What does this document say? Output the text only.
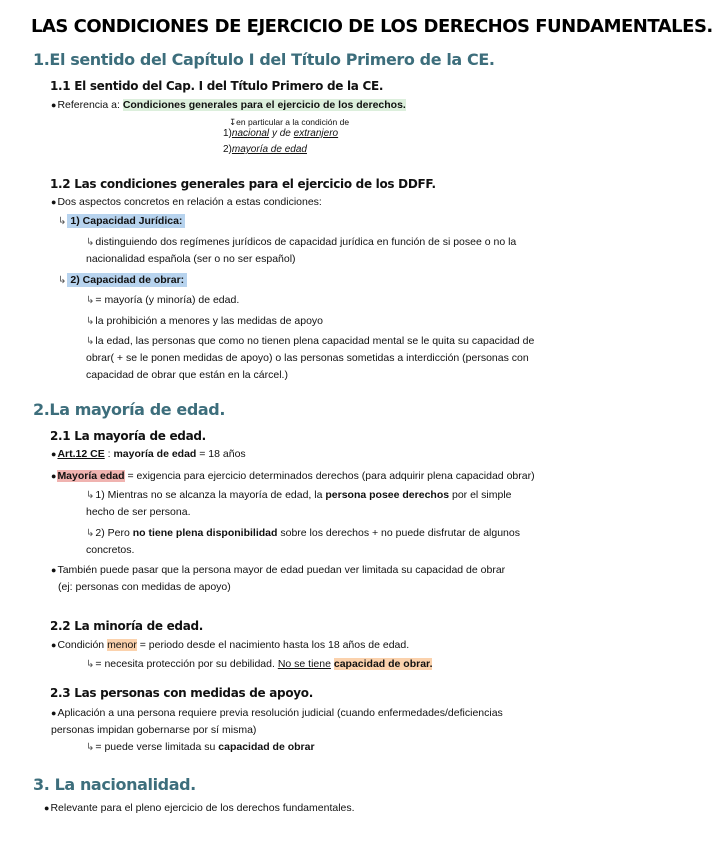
LAS CONDICIONES DE EJERCICIO DE LOS DERECHOS FUNDAMENTALES.
1.El sentido del Capítulo I del Título Primero de la CE.
1.1 El sentido del Cap. I del Título Primero de la CE.
●Referencia a: Condiciones generales para el ejercicio de los derechos.
↧en particular a la condición de
1)nacional y de extranjero
2)mayoría de edad
1.2 Las condiciones generales para el ejercicio de los DDFF.
●Dos aspectos concretos en relación a estas condiciones:
↳ 1) Capacidad Jurídica:
↳distinguiendo dos regímenes jurídicos de capacidad jurídica en función de si posee o no la nacionalidad española (ser o no ser español)
↳ 2) Capacidad de obrar:
↳= mayoría (y minoría) de edad.
↳la prohibición a menores y las medidas de apoyo
↳la edad, las personas que como no tienen plena capacidad mental se le quita su capacidad de obrar( + se le ponen medidas de apoyo) o las personas sometidas a interdicción (personas con capacidad de obrar que están en la cárcel.)
2.La mayoría de edad.
2.1 La mayoría de edad.
●Art.12 CE : mayoría de edad = 18 años
●Mayoría edad = exigencia para ejercicio determinados derechos (para adquirir plena capacidad obrar)
↳1) Mientras no se alcanza la mayoría de edad, la persona posee derechos por el simple hecho de ser persona.
↳2) Pero no tiene plena disponibilidad sobre los derechos + no puede disfrutar de algunos concretos.
●También puede pasar que la persona mayor de edad puedan ver limitada su capacidad de obrar
(ej: personas con medidas de apoyo)
2.2 La minoría de edad.
●Condición menor = periodo desde el nacimiento hasta los 18 años de edad.
↳= necesita protección por su debilidad. No se tiene capacidad de obrar.
2.3 Las personas con medidas de apoyo.
●Aplicación a una persona requiere previa resolución judicial (cuando enfermedades/deficiencias personas impidan gobernarse por sí misma)
↳= puede verse limitada su capacidad de obrar
3. La nacionalidad.
●Relevante para el pleno ejercicio de los derechos fundamentales.
